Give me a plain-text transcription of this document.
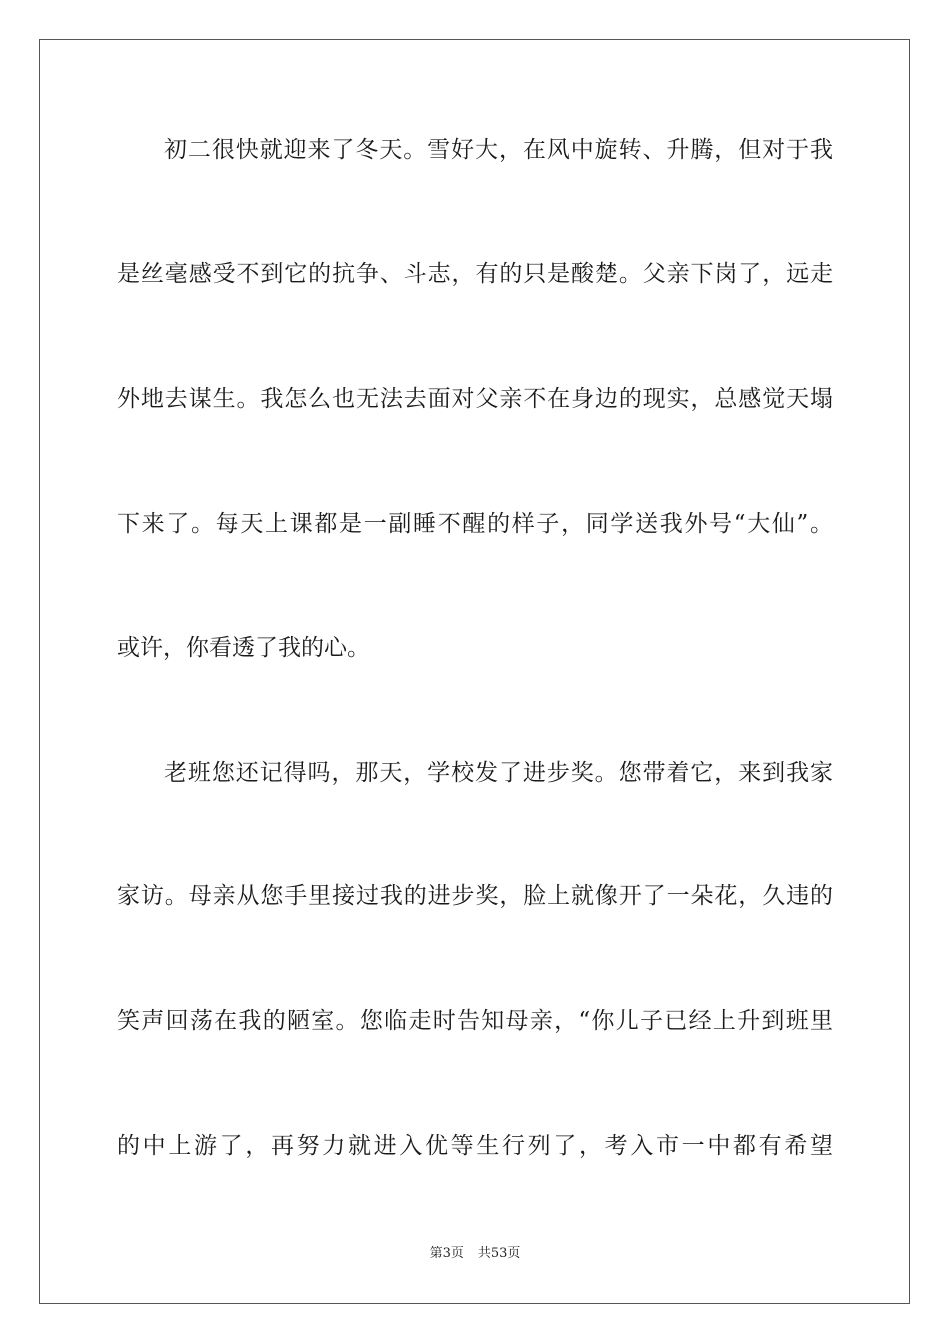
初二很快就迎来了冬天。雪好大，在风中旋转、升腾，但对于我
是丝毫感受不到它的抗争、斗志，有的只是酸楚。父亲下岗了，远走
外地去谋生。我怎么也无法去面对父亲不在身边的现实，总感觉天塌
下来了。每天上课都是一副睡不醒的样子，同学送我外号“大仙”。
或许，你看透了我的心。
老班您还记得吗，那天，学校发了进步奖。您带着它，来到我家
家访。母亲从您手里接过我的进步奖，脸上就像开了一朵花，久违的
笑声回荡在我的陋室。您临走时告知母亲，“你儿子已经上升到班里
的中上游了，再努力就进入优等生行列了，考入市一中都有希望
第3页 共53页
